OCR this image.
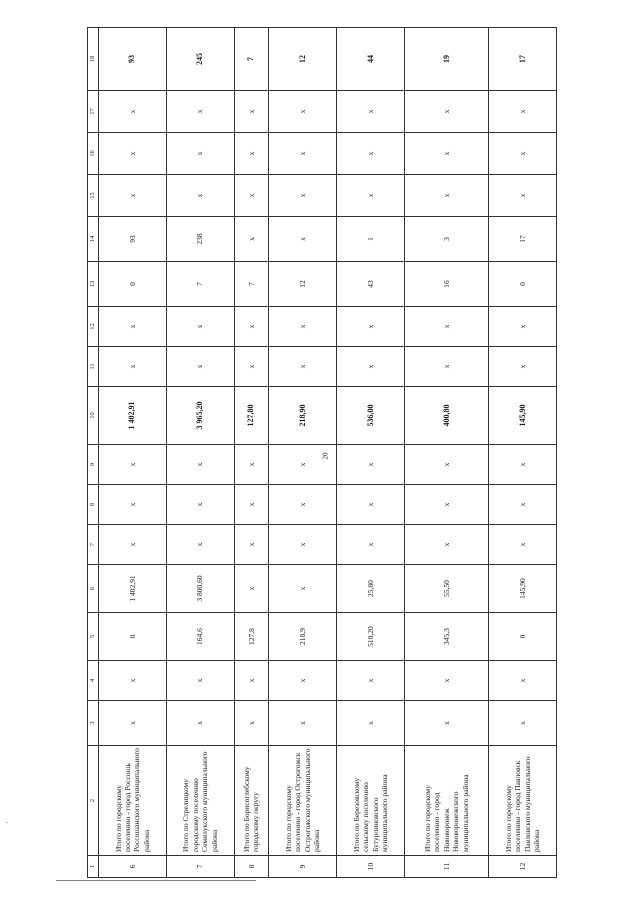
20
1	2	3	4	5	6	7	8	9	10	11	12	13	14	15	16	17	18
6	Итого по городскому поселению - город Россошь Россошанского муниципального района	х	х	0	1 402,91	х	х	х	1 402,91	х	х	0	93	х	х	х	93
7	Итого по Стрелицкому городскому поселению Семилукского муниципального района	х	х	164,6	3 800,60	х	х	х	3 965,20	х	х	7	238	х	х	х	245
8	Итого по Борисоглебскому городскому округу	х	х	127,8	х	х	х	х	127,80	х	х	7	х	х	х	х	7
9	Итого по городскому поселению - город Острогожск Острогожского муниципального района	х	х	218,9	х	х	х	х	218,90	х	х	12	х	х	х	х	12
10	Итого по Березовскому сельскому поселению Бутурлиновского муниципального района	х	х	510,20	25,80	х	х	х	536,00	х	х	43	1	х	х	х	44
11	Итого по городскому поселению - город Нововоронеж Нововоронежского муниципального района	х	х	345,3	55,50	х	х	х	400,80	х	х	16	3	х	х	х	19
12	Итого по городскому поселению - город Павловск Павловского муниципального района	х	х	0	145,90	х	х	х	145,90	х	х	0	17	х	х	х	17
